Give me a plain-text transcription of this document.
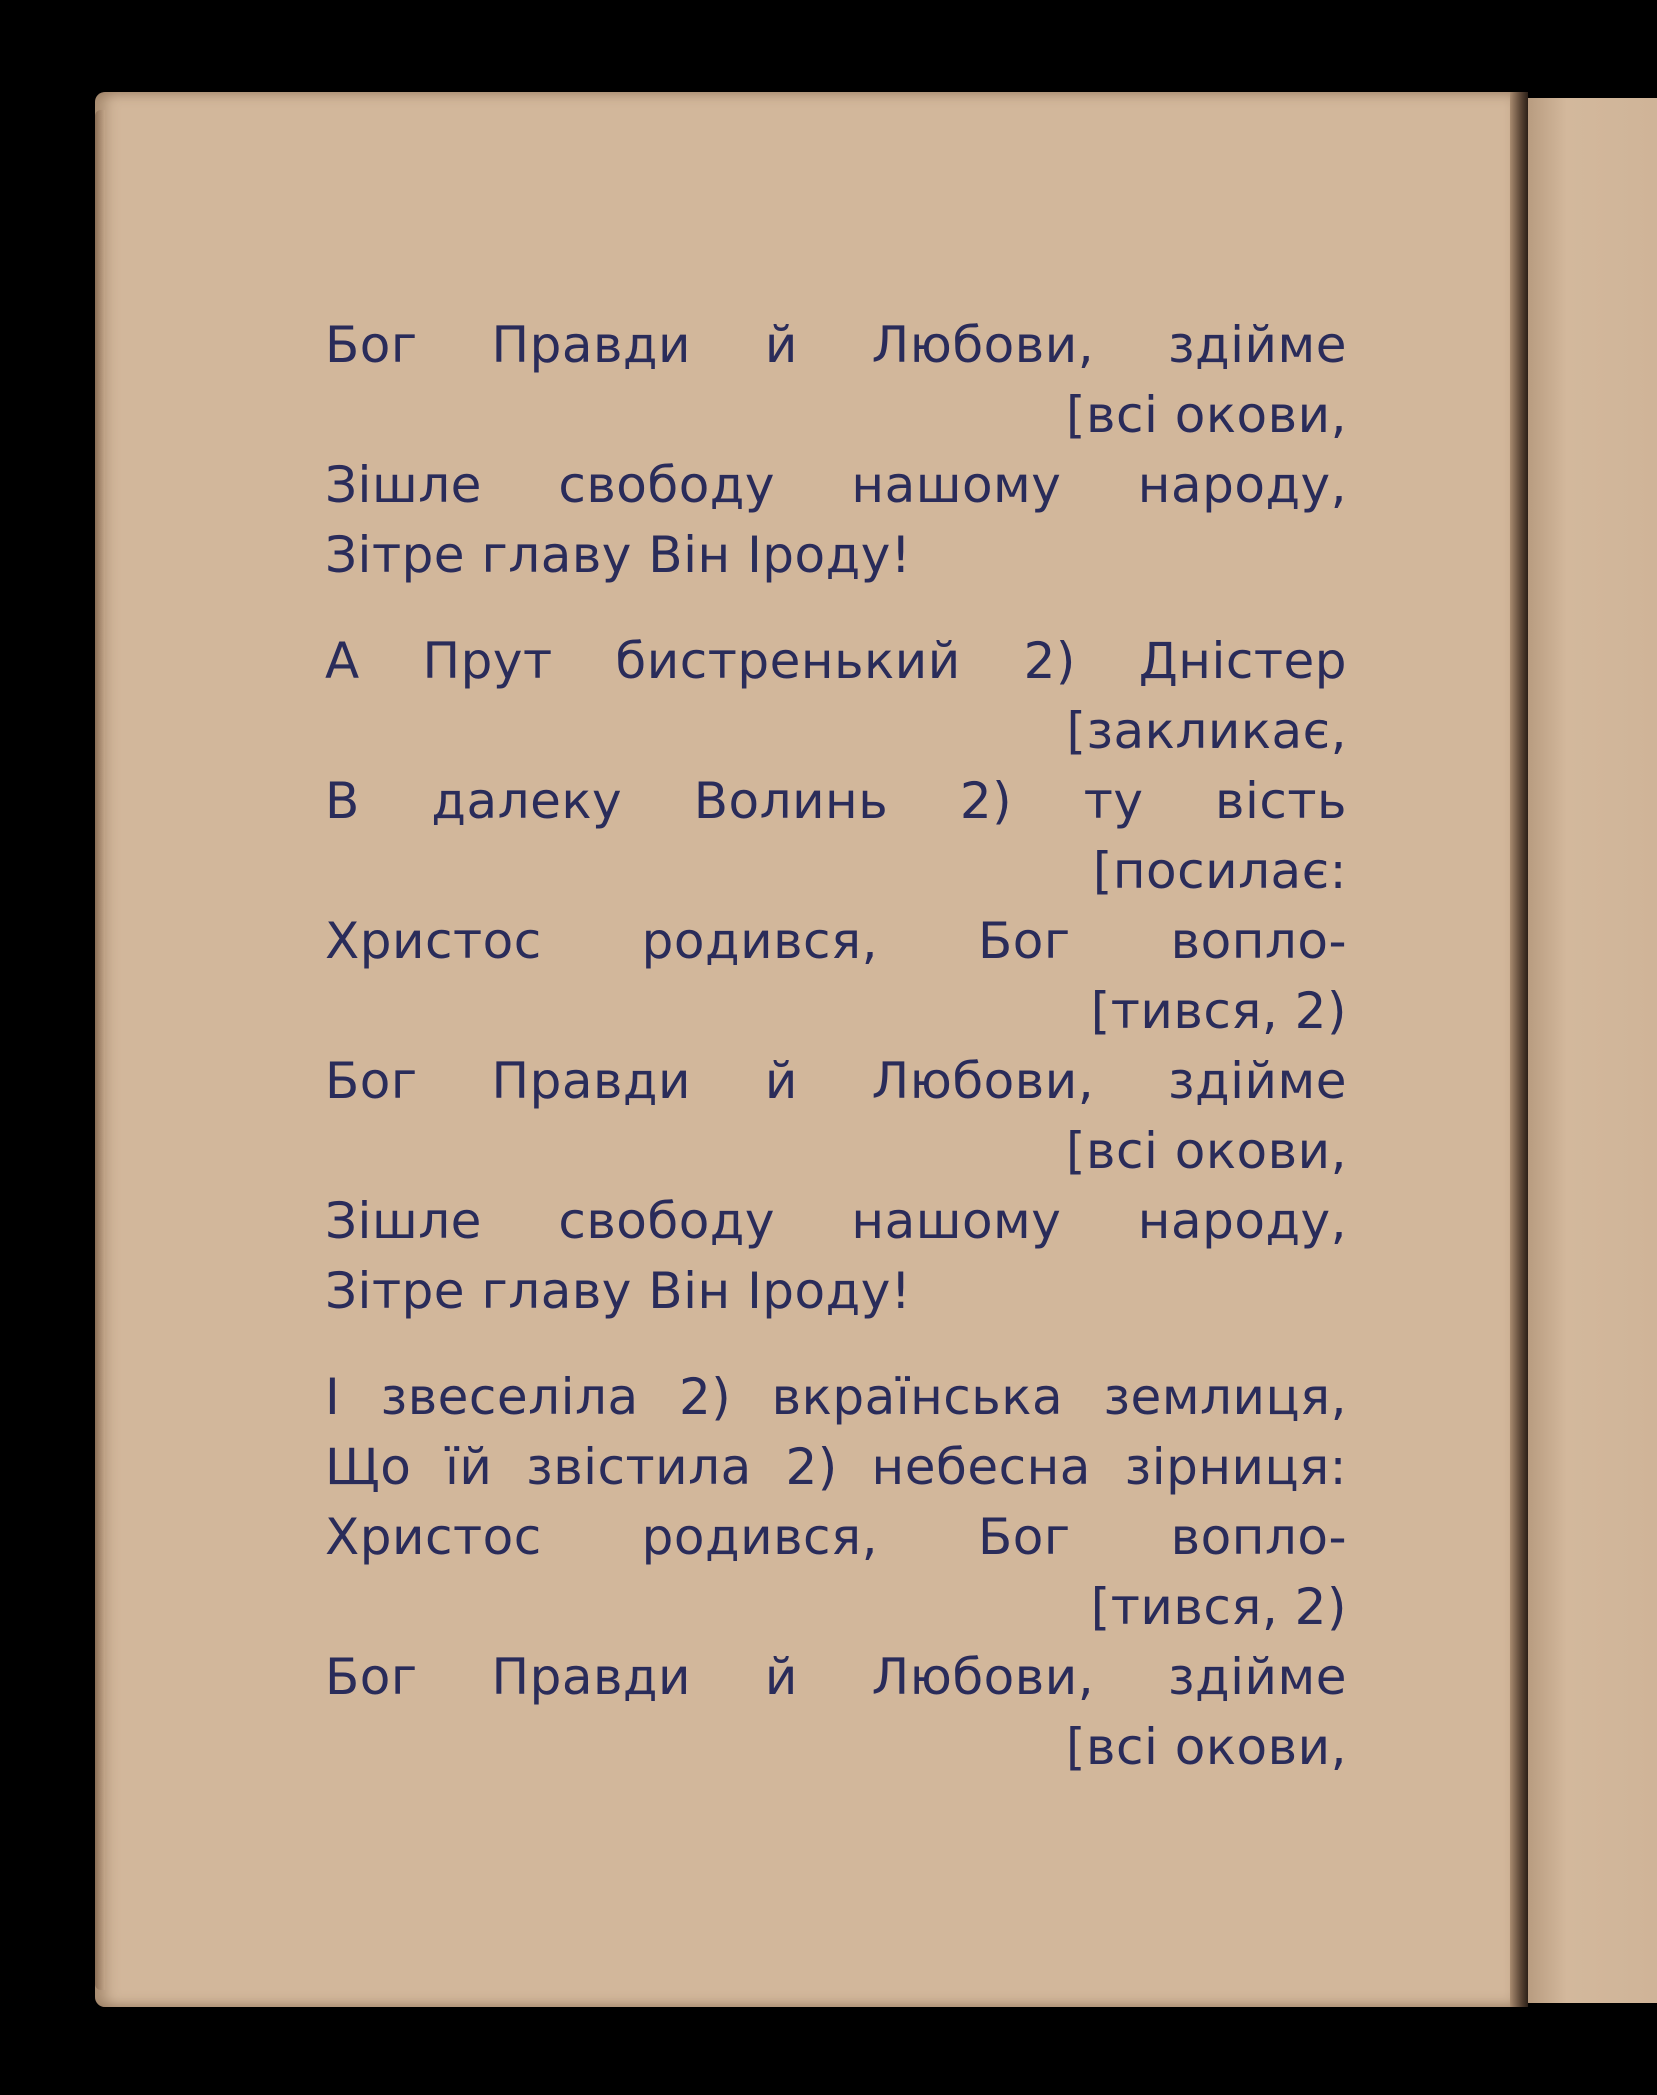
Бог Правди й Любови, здійме
[всі окови,
Зішле свободу нашому народу,
Зітре главу Він Іроду!
А Прут бистренький 2) Дністер
[закликає,
В далеку Волинь 2) ту вість
[посилає:
Христос родився, Бог вопло-
[тився, 2)
Бог Правди й Любови, здійме
[всі окови,
Зішле свободу нашому народу,
Зітре главу Він Іроду!
І звеселіла 2) вкраїнська землиця,
Що їй звістила 2) небесна зірниця:
Христос родився, Бог вопло-
[тився, 2)
Бог Правди й Любови, здійме
[всі окови,
